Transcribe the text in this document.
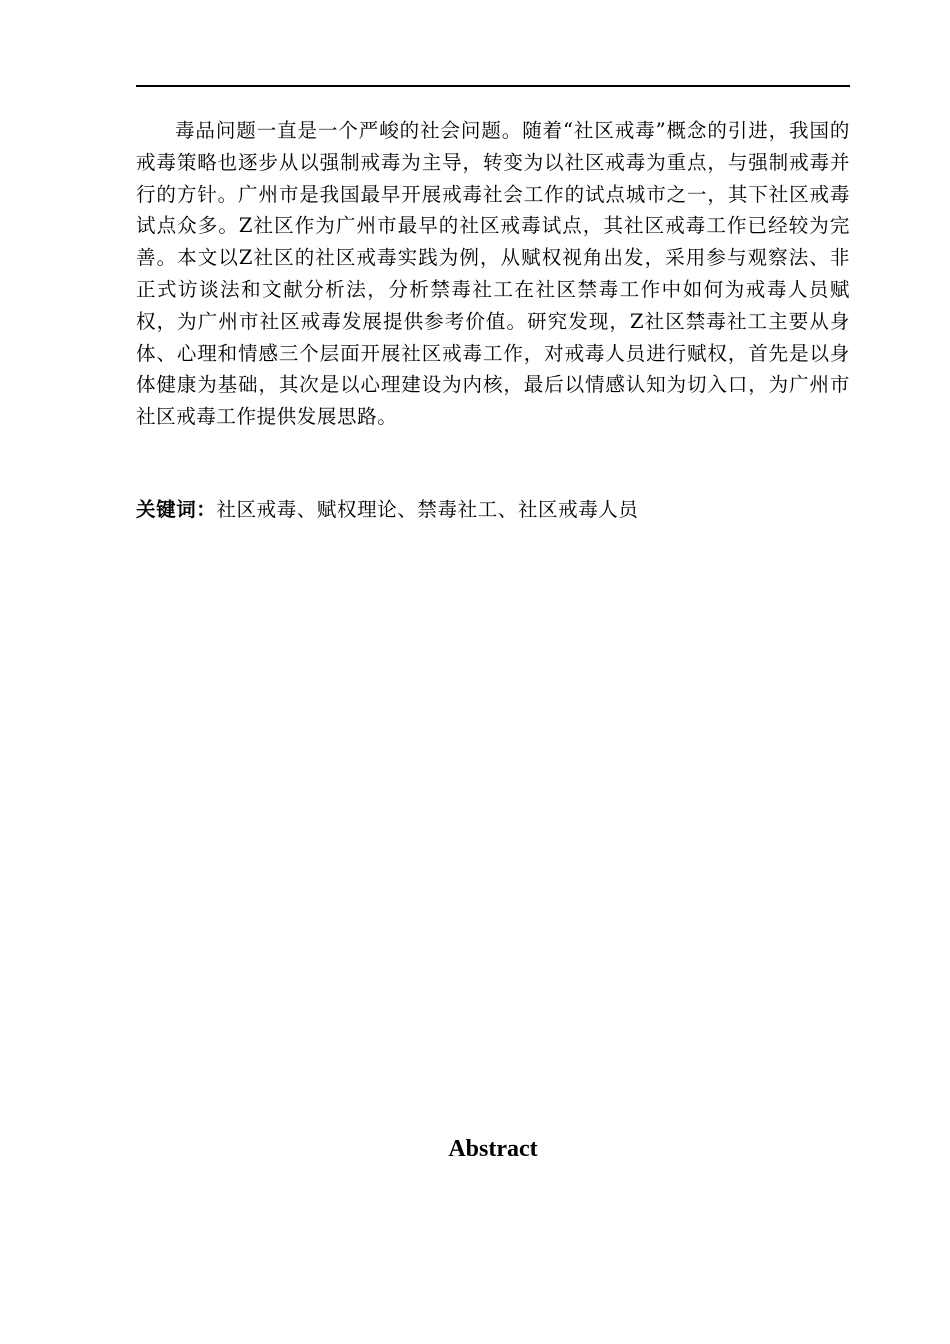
毒品问题一直是一个严峻的社会问题。随着“社区戒毒”概念的引进，我国的戒毒策略也逐步从以强制戒毒为主导，转变为以社区戒毒为重点，与强制戒毒并行的方针。广州市是我国最早开展戒毒社会工作的试点城市之一，其下社区戒毒试点众多。Z社区作为广州市最早的社区戒毒试点，其社区戒毒工作已经较为完善。本文以Z社区的社区戒毒实践为例，从赋权视角出发，采用参与观察法、非正式访谈法和文献分析法，分析禁毒社工在社区禁毒工作中如何为戒毒人员赋权，为广州市社区戒毒发展提供参考价值。研究发现，Z社区禁毒社工主要从身体、心理和情感三个层面开展社区戒毒工作，对戒毒人员进行赋权，首先是以身体健康为基础，其次是以心理建设为内核，最后以情感认知为切入口，为广州市社区戒毒工作提供发展思路。

关键词：社区戒毒、赋权理论、禁毒社工、社区戒毒人员

Abstract
